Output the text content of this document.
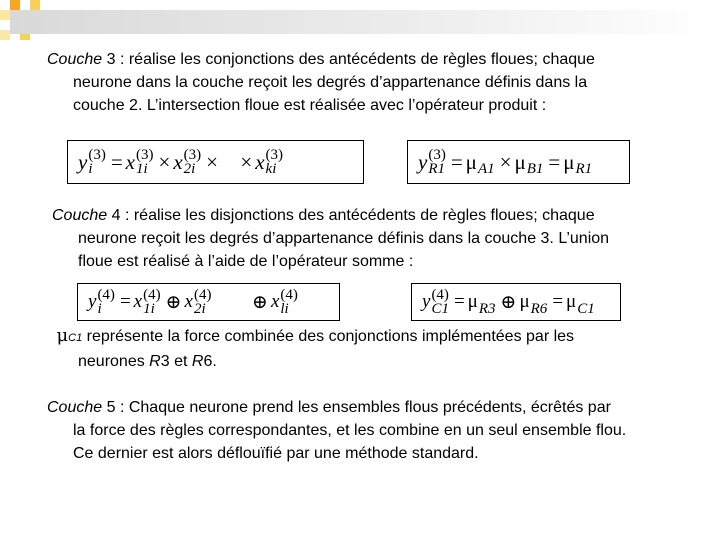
Couche 3 : réalise les conjonctions des antécédents de règles floues; chaque
neurone dans la couche reçoit les degrés d’appartenance définis dans la
couche 2. L’intersection floue est réalisée avec l’opérateur produit :
y (3)
i = x (3)
1i × x (3)
2i ×⃞ × x (3)
ki	y (3)
R1 = μ
A1 × μ
B1 = μ
R1
Couche 4 : réalise les disjonctions des antécédents de règles floues; chaque
neurone reçoit les degrés d’appartenance définis dans la couche 3. L’union
floue est réalisé à l’aide de l’opérateur somme :
y (4)
i = x (4)
1i ⊕ x (4)
2i ⊕⃞ ⊕ x (4)
li	y (4)
C1 = μ
R3 ⊕ μ
R6 = μ
C1
μC1 représente la force combinée des conjonctions implémentées par les
neurones R3 et R6.
Couche 5 : Chaque neurone prend les ensembles flous précédents, écrêtés par
la force des règles correspondantes, et les combine en un seul ensemble flou.
Ce dernier est alors déflouïfié par une méthode standard.
